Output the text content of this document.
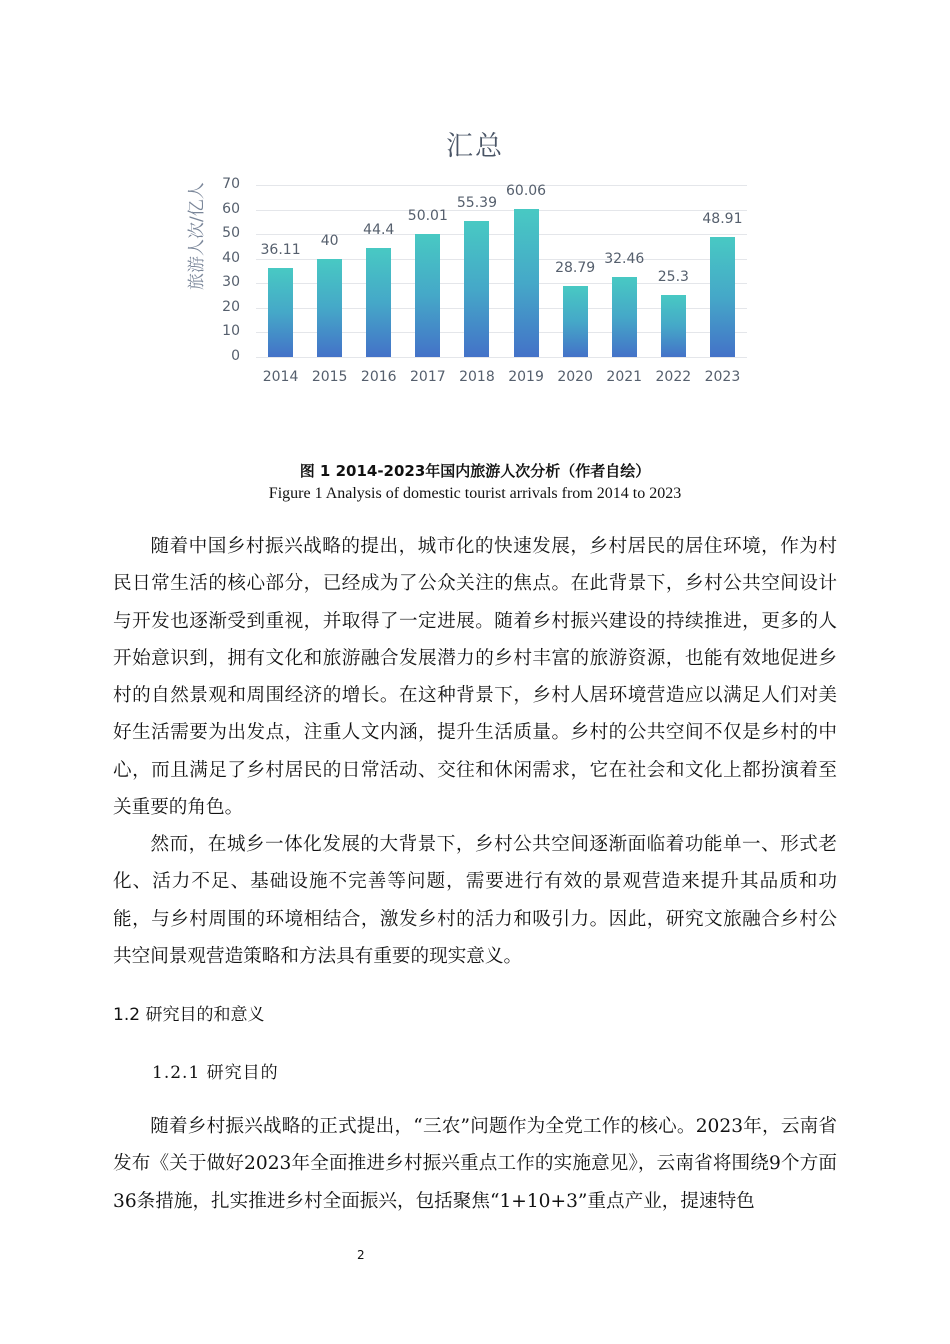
汇总
旅游人次/亿人
0
10
20
30
40
50
60
70
36.11
2014
40
2015
44.4
2016
50.01
2017
55.39
2018
60.06
2019
28.79
2020
32.46
2021
25.3
2022
48.91
2023
图 1 2014-2023年国内旅游人次分析（作者自绘）
Figure 1 Analysis of domestic tourist arrivals from 2014 to 2023
随着中国乡村振兴战略的提出，城市化的快速发展，乡村居民的居住环境，作为村民日常生活的核心部分，已经成为了公众关注的焦点。在此背景下，乡村公共空间设计与开发也逐渐受到重视，并取得了一定进展。随着乡村振兴建设的持续推进，更多的人开始意识到，拥有文化和旅游融合发展潜力的乡村丰富的旅游资源，也能有效地促进乡村的自然景观和周围经济的增长。在这种背景下，乡村人居环境营造应以满足人们对美好生活需要为出发点，注重人文内涵，提升生活质量。乡村的公共空间不仅是乡村的中心，而且满足了乡村居民的日常活动、交往和休闲需求，它在社会和文化上都扮演着至关重要的角色。
然而，在城乡一体化发展的大背景下，乡村公共空间逐渐面临着功能单一、形式老化、活力不足、基础设施不完善等问题，需要进行有效的景观营造来提升其品质和功能，与乡村周围的环境相结合，激发乡村的活力和吸引力。因此，研究文旅融合乡村公共空间景观营造策略和方法具有重要的现实意义。
1.2 研究目的和意义
1.2.1 研究目的
随着乡村振兴战略的正式提出，“三农”问题作为全党工作的核心。2023年，云南省发布《关于做好2023年全面推进乡村振兴重点工作的实施意见》，云南省将围绕9个方面36条措施，扎实推进乡村全面振兴，包括聚焦“1+10+3”重点产业，提速特色
2
